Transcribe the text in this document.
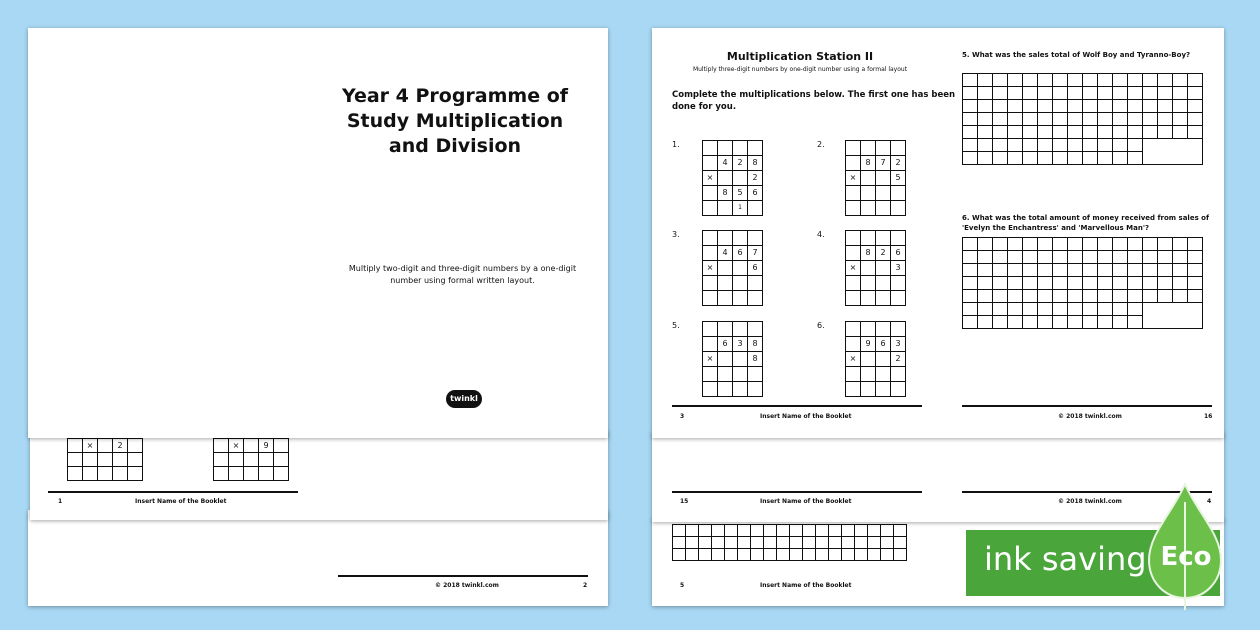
© 2018 twinkl.com	2
	×		2	

		×		9	

1	Insert Name of the Booklet
Year 4 Programme of Study Multiplication and Division
Multiply two-digit and three-digit numbers by a one-digit number using formal written layout.
twinkl

5	Insert Name of the Booklet
15	Insert Name of the Booklet	© 2018 twinkl.com	4
Multiplication Station II
Multiply three-digit numbers by one-digit number using a formal layout
Complete the multiplications below. The first one has been done for you.
1.

	4	2	8
×			2
	8	5	6
		1	
2.

	8	7	2
×			5

3.

	4	6	7
×			6

4.

	8	2	6
×			3

5.

	6	3	8
×			8

6.

	9	6	3
×			2

3	Insert Name of the Booklet
5. What was the sales total of Wolf Boy and Tyranno-Boy?

6. What was the total amount of money received from sales of 'Evelyn the Enchantress' and 'Marvellous Man'?

© 2018 twinkl.com	16
ink saving Eco
